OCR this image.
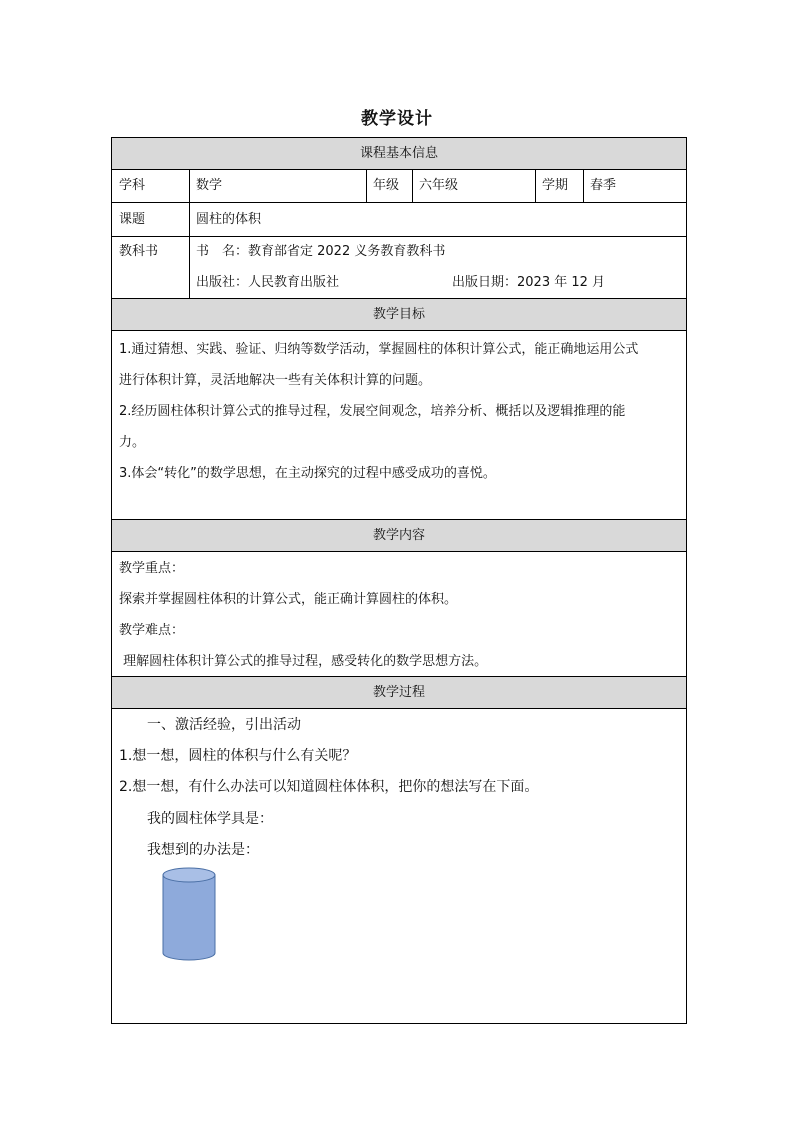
教学设计
课程基本信息
学科	数学	年级	六年级	学期	春季
课题	圆柱的体积
教科书	书　名：教育部省定 2022 义务教育教科书
出版社：人民教育出版社	出版日期：2023 年 12 月
教学目标
1.通过猜想、实践、验证、归纳等数学活动，掌握圆柱的体积计算公式，能正确地运用公式
进行体积计算，灵活地解决一些有关体积计算的问题。
2.经历圆柱体积计算公式的推导过程，发展空间观念，培养分析、概括以及逻辑推理的能
力。
3.体会“转化”的数学思想，在主动探究的过程中感受成功的喜悦。
教学内容
教学重点：
探索并掌握圆柱体积的计算公式，能正确计算圆柱的体积。
教学难点：
理解圆柱体积计算公式的推导过程，感受转化的数学思想方法。
教学过程
　　一、激活经验，引出活动
1.想一想，圆柱的体积与什么有关呢？
2.想一想，有什么办法可以知道圆柱体体积，把你的想法写在下面。
　　我的圆柱体学具是：
　　我想到的办法是：
